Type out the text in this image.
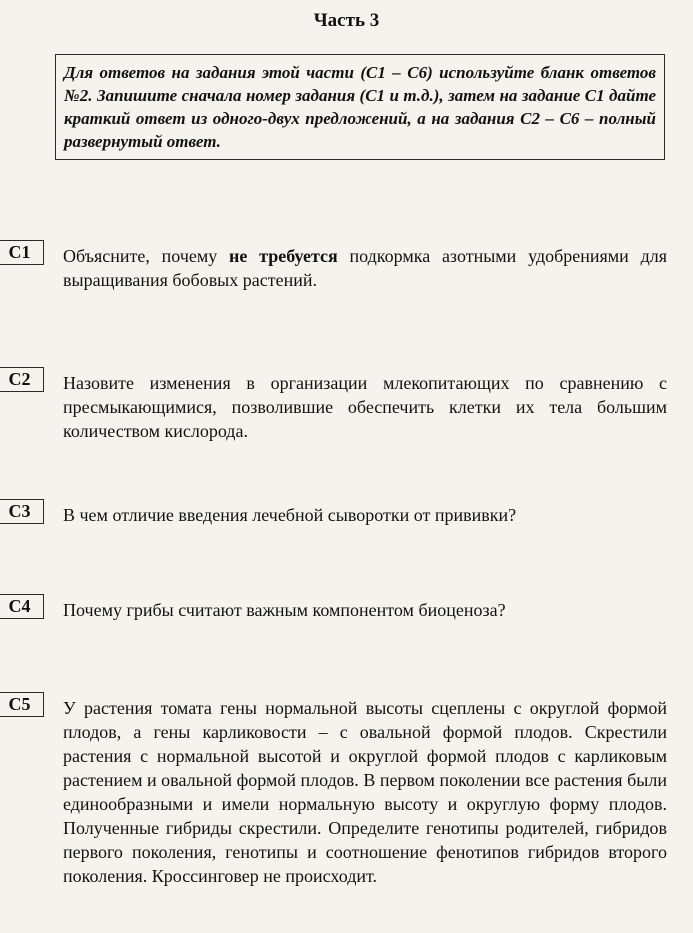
Часть 3
Для ответов на задания этой части (С1 – С6) используйте бланк ответов №2. Запишите сначала номер задания (С1 и т.д.), затем на задание С1 дайте краткий ответ из одного-двух предложений, а на задания С2 – С6 – полный развернутый ответ.
С1	Объясните, почему не требуется подкормка азотными удобрениями для выращивания бобовых растений.
С2	Назовите изменения в организации млекопитающих по сравнению с пресмыкающимися, позволившие обеспечить клетки их тела большим количеством кислорода.
С3	В чем отличие введения лечебной сыворотки от прививки?
С4	Почему грибы считают важным компонентом биоценоза?
С5	У растения томата гены нормальной высоты сцеплены с округлой формой плодов, а гены карликовости – с овальной формой плодов. Скрестили растения с нормальной высотой и округлой формой плодов с карликовым растением и овальной формой плодов. В первом поколении все растения были единообразными и имели нормальную высоту и округлую форму плодов. Полученные гибриды скрестили. Определите генотипы родителей, гибридов первого поколения, генотипы и соотношение фенотипов гибридов второго поколения. Кроссинговер не происходит.
